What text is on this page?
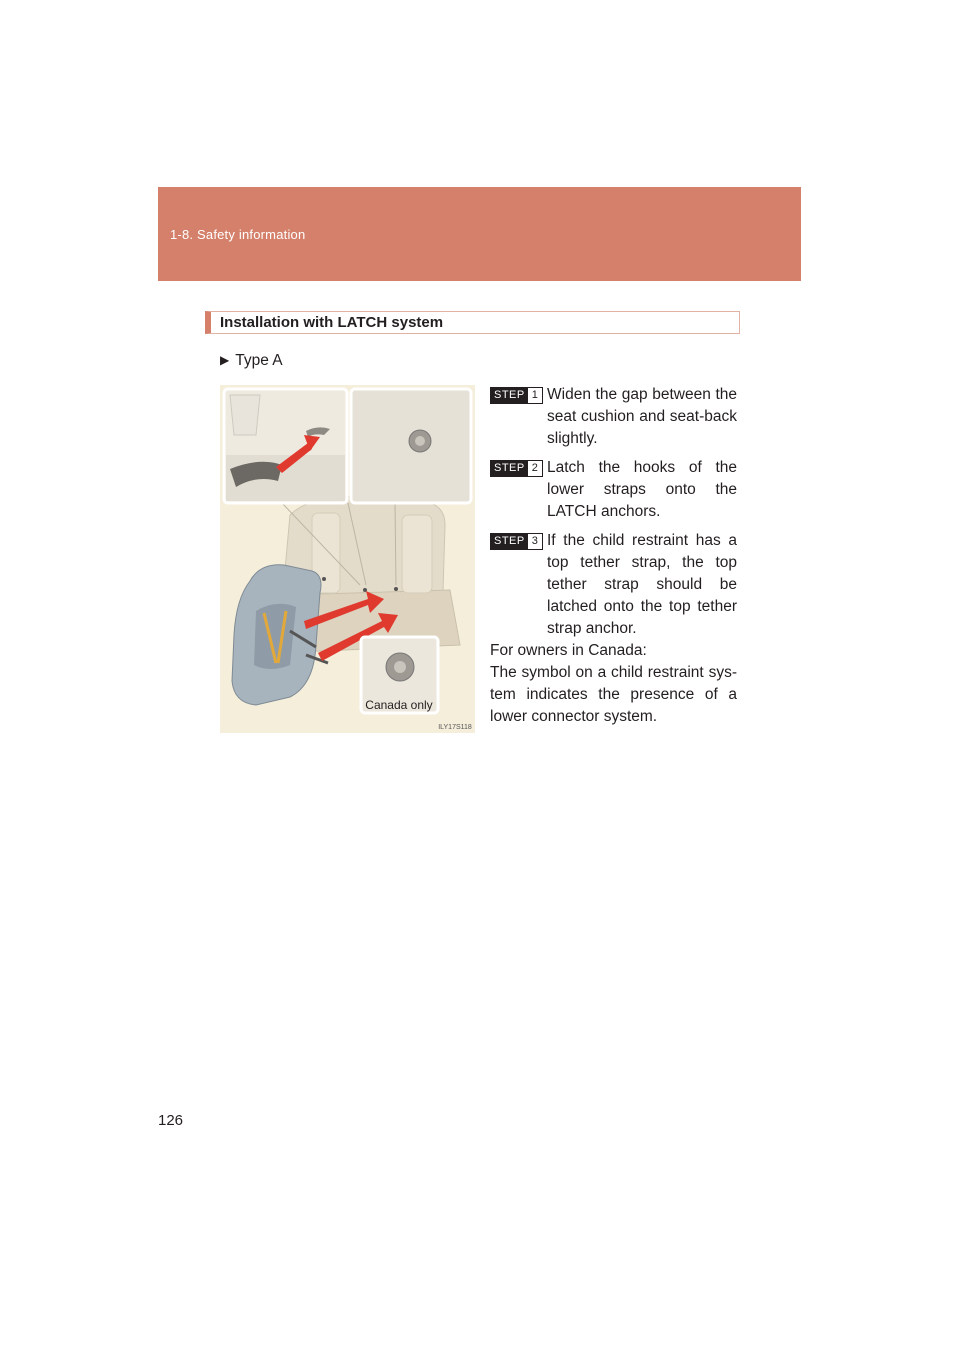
1-8. Safety information
Installation with LATCH system
▶ Type A
Canada only
ILY17S118
STEP 1 Widen the gap between the seat cushion and seat-back slightly.
STEP 2 Latch the hooks of the lower straps onto the LATCH anchors.
STEP 3 If the child restraint has a top tether strap, the top tether strap should be latched onto the top tether strap anchor.
For owners in Canada:
The symbol on a child restraint sys-tem indicates the presence of a lower connector system.
126
